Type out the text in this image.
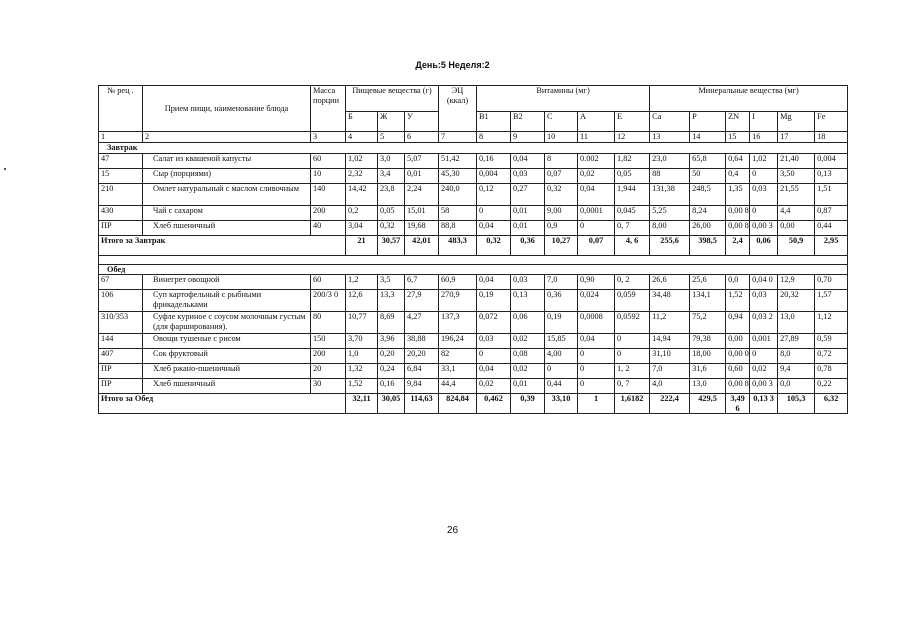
День:5 Неделя:2
№ рец .	Прием пищи, наименование блюда	Масса порции	Пищевые вещества (г)			ЭЦ (ккал)	Витамины (мг)					Минеральные вещества (мг)					
			Б	Ж	У		B1	B2	C	A	E	Ca	P	ZN	I	Mg	Fe
1	2	3	4	5	6	7	8	9	10	11	12	13	14	15	16	17	18
Завтрак																	
47	Салат из квашеной капусты	60	1,02	3,0	5,07	51,42	0,16	0,04	8	0.002	1,82	23,0	65,8	0,64	1,02	21,40	0,004
15	Сыр (порциями)	10	2,32	3,4	0,01	45,30	0,004	0,03	0,07	0,02	0,05	88	50	0,4	0	3,50	0,13
210	Омлет натуральный с маслом сливочным	140	14,42	23,8	2,24	240,0	0,12	0,27	0,32	0,04	1,944	131,38	248,5	1,35	0,03	21,55	1,51
430	Чай с сахаром	200	0,2	0,05	15,01	58	0	0,01	9,00	0,0001	0,045	5,25	8,24	0,00 8	0	4,4	0,87
ПР	Хлеб пшеничный	40	3,04	0,32	19,68	88,8	0,04	0,01	0,9	0	0, 7	8,00	26,00	0,00 8	0,00 3	0,00	0,44
Итого за Завтрак			21	30,57	42,01	483,3	0,32	0,36	10,27	0,07	4, 6	255,6	398,5	2,4	0,06	50,9	2,95

Обед																	
67	Винегрет овощной	60	1,2	3,5	6,7	60,9	0,04	0,03	7,0	0,90	0, 2	26,6	25,6	0,0	0,04 0	12,9	0,70
106	Суп картофельный с рыбными фрикадельками	200/3 0	12,6	13,3	27,9	270,9	0,19	0,13	0,36	0,024	0,059	34,48	134,1	1,52	0,03	20,32	1,57
310/353	Суфле куриное с соусом молочным густым (для фарширования).	80	10,77	8,69	4,27	137,3	0,072	0,06	0,19	0,0008	0,0592	11,2	75,2	0,94	0,03 2	13,0	1,12
144	Овощи тушеные с рисом	150	3,70	3,96	38,88	196,24	0,03	0,02	15,85	0,04	0	14,94	79,38	0,00	0,001	27,89	0,59
407	Сок фруктовый	200	1,0	0,20	20,20	82	0	0,08	4,00	0	0	31,10	18,00	0,00 0	0	8,0	0,72
ПР	Хлеб ржано-пшеничный	20	1,32	0,24	6,84	33,1	0,04	0,02	0	0	1, 2	7,0	31,6	0,60	0,02	9,4	0,78
ПР	Хлеб пшеничный	30	1,52	0,16	9,84	44,4	0,02	0,01	0,44	0	0, 7	4,0	13,0	0,00 8	0,00 3	0,0	0,22
Итого за Обед			32,11	30,05	114,63	824,84	0,462	0,39	33,10	1	1,6182	222,4	429,5	3,49 6	0,13 3	105,3	6,32
26
